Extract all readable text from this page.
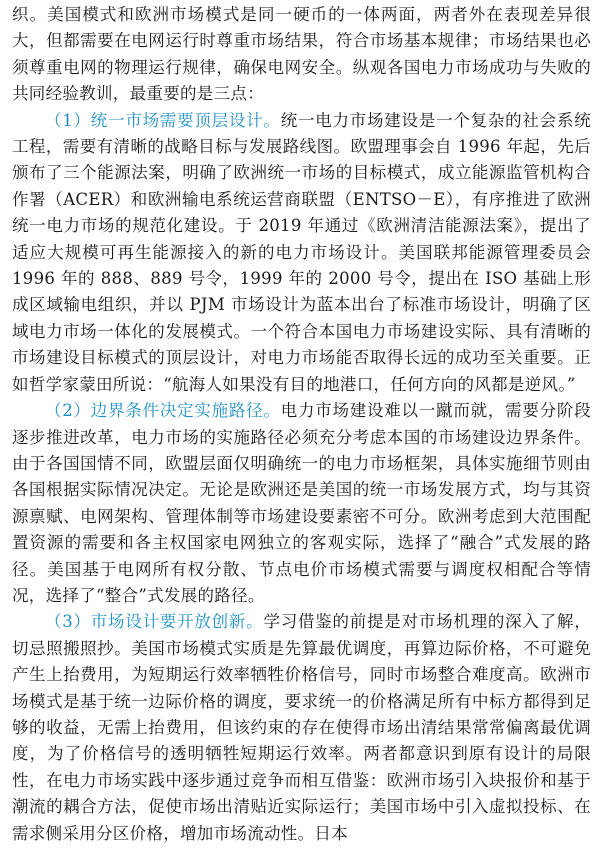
织。美国模式和欧洲市场模式是同一硬币的一体两面，两者外在表现差异很大，但都需要在电网运行时尊重市场结果，符合市场基本规律；市场结果也必须尊重电网的物理运行规律，确保电网安全。纵观各国电力市场成功与失败的共同经验教训，最重要的是三点：

（1）统一市场需要顶层设计。统一电力市场建设是一个复杂的社会系统工程，需要有清晰的战略目标与发展路线图。欧盟理事会自 1996 年起，先后颁布了三个能源法案，明确了欧洲统一市场的目标模式，成立能源监管机构合作署（ACER）和欧洲输电系统运营商联盟（ENTSO－E），有序推进了欧洲统一电力市场的规范化建设。于 2019 年通过《欧洲清洁能源法案》，提出了适应大规模可再生能源接入的新的电力市场设计。美国联邦能源管理委员会 1996 年的 888、889 号令，1999 年的 2000 号令，提出在 ISO 基础上形成区域输电组织，并以 PJM 市场设计为蓝本出台了标准市场设计，明确了区域电力市场一体化的发展模式。一个符合本国电力市场建设实际、具有清晰的市场建设目标模式的顶层设计，对电力市场能否取得长远的成功至关重要。正如哲学家蒙田所说：“航海人如果没有目的地港口，任何方向的风都是逆风。”

（2）边界条件决定实施路径。电力市场建设难以一蹴而就，需要分阶段逐步推进改革，电力市场的实施路径必须充分考虑本国的市场建设边界条件。由于各国国情不同，欧盟层面仅明确统一的电力市场框架，具体实施细节则由各国根据实际情况决定。无论是欧洲还是美国的统一市场发展方式，均与其资源禀赋、电网架构、管理体制等市场建设要素密不可分。欧洲考虑到大范围配置资源的需要和各主权国家电网独立的客观实际，选择了“融合”式发展的路径。美国基于电网所有权分散、节点电价市场模式需要与调度权相配合等情况，选择了“整合”式发展的路径。

（3）市场设计要开放创新。学习借鉴的前提是对市场机理的深入了解，切忌照搬照抄。美国市场模式实质是先算最优调度，再算边际价格，不可避免产生上抬费用，为短期运行效率牺牲价格信号，同时市场整合难度高。欧洲市场模式是基于统一边际价格的调度，要求统一的价格满足所有中标方都得到足够的收益，无需上抬费用，但该约束的存在使得市场出清结果常常偏离最优调度，为了价格信号的透明牺牲短期运行效率。两者都意识到原有设计的局限性，在电力市场实践中逐步通过竞争而相互借鉴：欧洲市场引入块报价和基于潮流的耦合方法，促使市场出清贴近实际运行；美国市场中引入虚拟投标、在需求侧采用分区价格，增加市场流动性。日本
